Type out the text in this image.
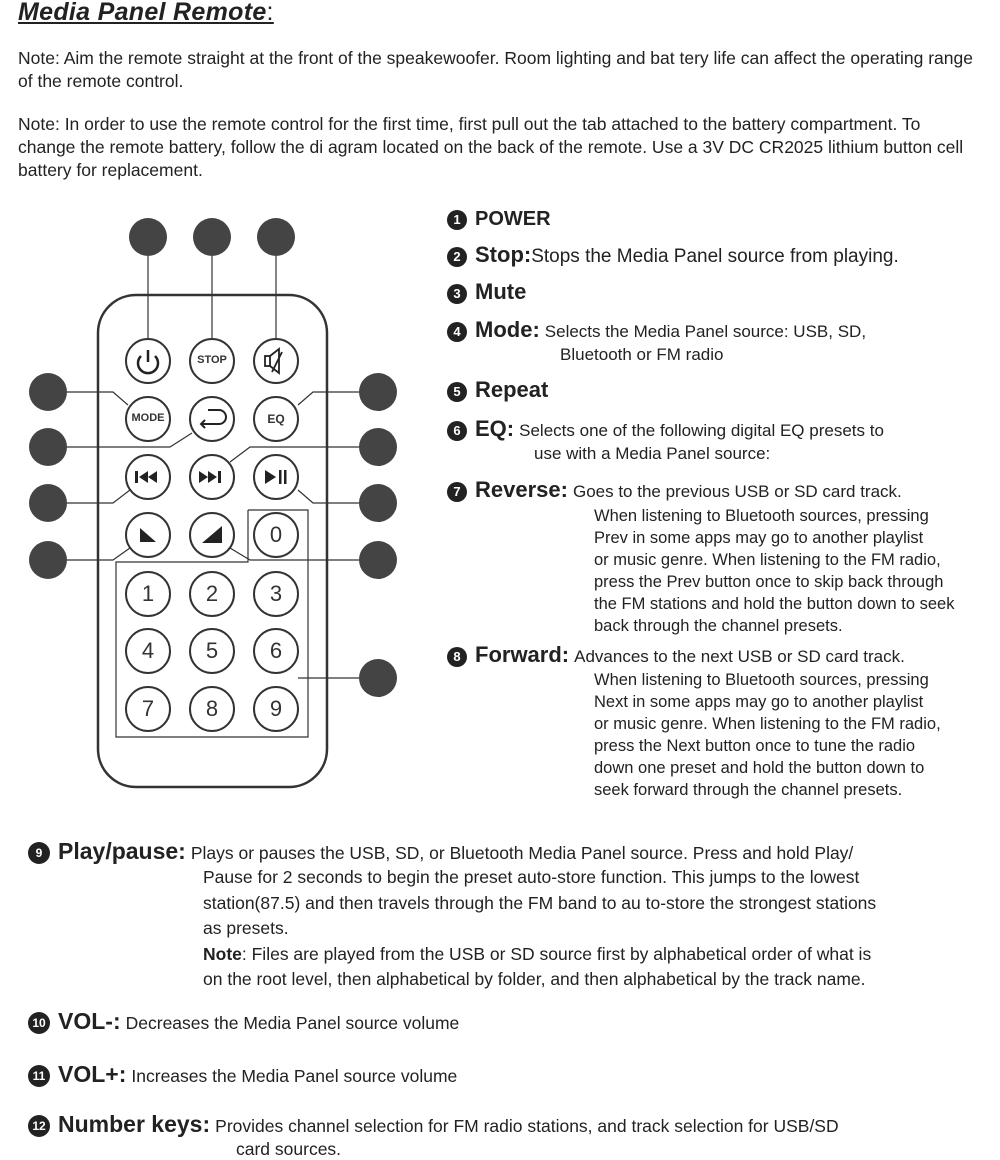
Media Panel Remote:
Note: Aim the remote straight at the front of the speakewoofer. Room lighting and bat tery life can affect the operating range of the remote control.
Note: In order to use the remote control for the first time, first pull out the tab attached to the battery compartment. To change the remote battery, follow the di agram located on the back of the remote. Use a 3V DC CR2025 lithium button cell battery for replacement.
STOP
MODE	EQ
0
1	2	3
4	5	6
7	8	9
1 POWER
2 Stop:Stops the Media Panel source from playing.
3 Mute
4 Mode: Selects the Media Panel source: USB, SD,
Bluetooth or FM radio
5 Repeat
6 EQ: Selects one of the following digital EQ presets to
use with a Media Panel source:
7 Reverse: Goes to the previous USB or SD card track.
When listening to Bluetooth sources, pressing
Prev in some apps may go to another playlist
or music genre. When listening to the FM radio,
press the Prev button once to skip back through
the FM stations and hold the button down to seek
back through the channel presets.
8 Forward: Advances to the next USB or SD card track.
When listening to Bluetooth sources, pressing
Next in some apps may go to another playlist
or music genre. When listening to the FM radio,
press the Next button once to tune the radio
down one preset and hold the button down to
seek forward through the channel presets.
9 Play/pause: Plays or pauses the USB, SD, or Bluetooth Media Panel source. Press and hold Play/
Pause for 2 seconds to begin the preset auto-store function. This jumps to the lowest
station(87.5) and then travels through the FM band to au to-store the strongest stations
as presets.
Note: Files are played from the USB or SD source first by alphabetical order of what is
on the root level, then alphabetical by folder, and then alphabetical by the track name.
10 VOL-: Decreases the Media Panel source volume
11 VOL+: Increases the Media Panel source volume
12 Number keys: Provides channel selection for FM radio stations, and track selection for USB/SD
card sources.
